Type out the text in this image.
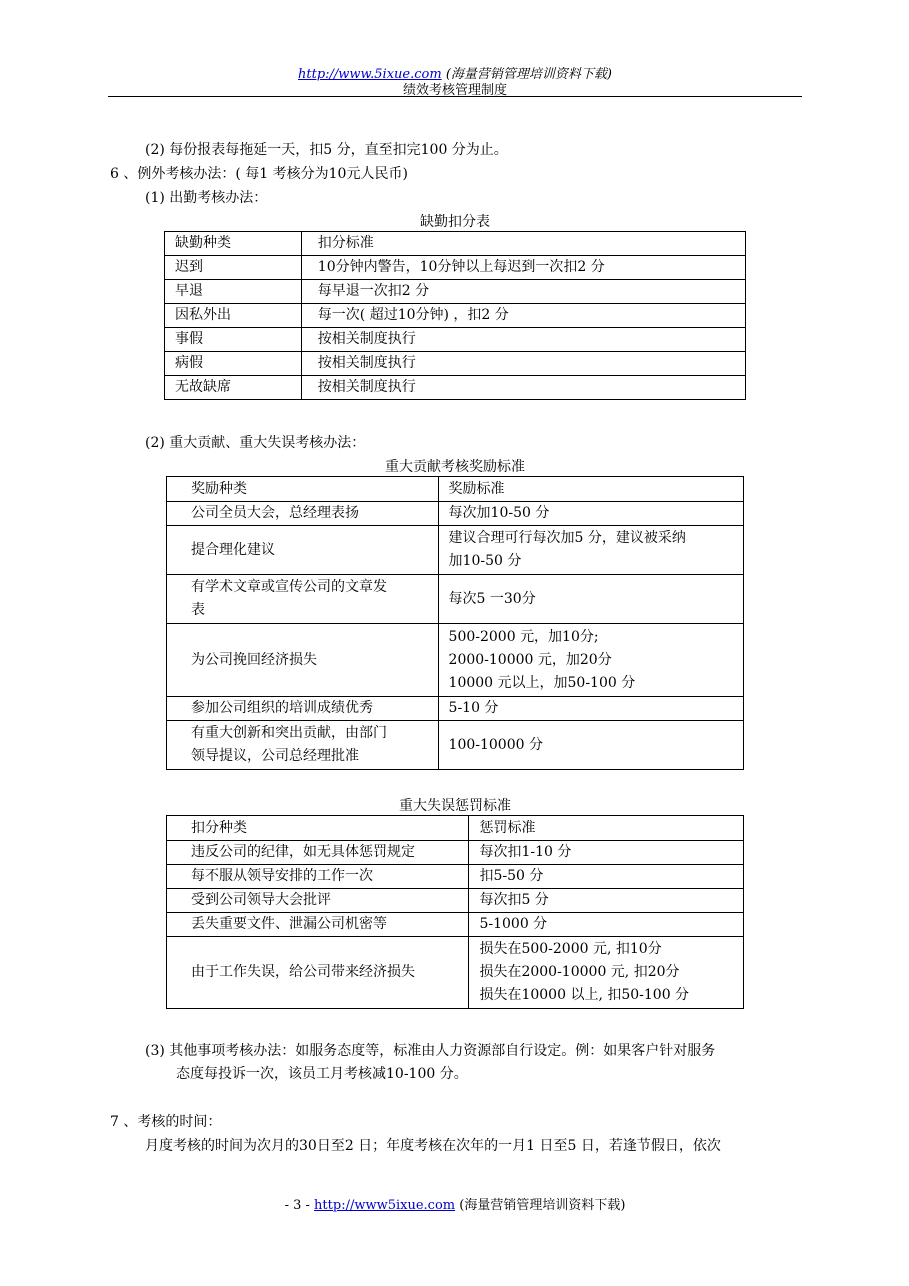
http://www.5ixue.com (海量营销管理培训资料下载)
绩效考核管理制度
(2) 每份报表每拖延一天，扣5 分，直至扣完100 分为止。
6 、例外考核办法：( 每1 考核分为10元人民币)
(1) 出勤考核办法：
缺勤扣分表
缺勤种类	扣分标准
迟到	10分钟内警告，10分钟以上每迟到一次扣2 分
早退	每早退一次扣2 分
因私外出	每一次( 超过10分钟) ，扣2 分
事假	按相关制度执行
病假	按相关制度执行
无故缺席	按相关制度执行
(2) 重大贡献、重大失误考核办法：
重大贡献考核奖励标准
奖励种类	奖励标准

公司全员大会，总经理表扬	每次加10-50 分

提合理化建议	建议合理可行每次加5 分，建议被采纳
加10-50 分

有学术文章或宣传公司的文章发
表	每次5 一30分

为公司挽回经济损失	500-2000 元，加10分;
2000-10000 元，加20分
10000 元以上，加50-100 分

参加公司组织的培训成绩优秀	5-10 分

有重大创新和突出贡献，由部门
领导提议，公司总经理批准	100-10000 分
重大失误惩罚标准
扣分种类	惩罚标准

违反公司的纪律，如无具体惩罚规定	每次扣1-10 分

每不服从领导安排的工作一次	扣5-50 分

受到公司领导大会批评	每次扣5 分

丢失重要文件、泄漏公司机密等	5-1000 分

由于工作失误，给公司带来经济损失	损失在500-2000 元, 扣10分
损失在2000-10000 元, 扣20分
损失在10000 以上, 扣50-100 分
(3) 其他事项考核办法：如服务态度等，标准由人力资源部自行设定。例：如果客户针对服务
态度每投诉一次，该员工月考核减10-100 分。
7 、考核的时间：
月度考核的时间为次月的30日至2 日；年度考核在次年的一月1 日至5 日，若逢节假日，依次
- 3 - http://www5ixue.com (海量营销管理培训资料下载)
